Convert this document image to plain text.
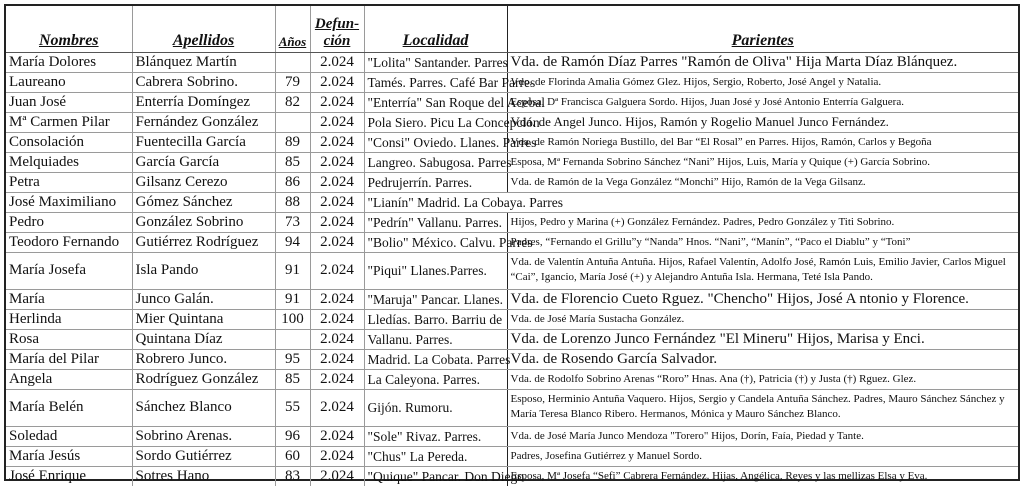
Nombres	Apellidos	Años	Defun-
ción	Localidad	Parientes
María Dolores	Blánquez Martín		2.024	"Lolita" Santander. Parres	Vda. de Ramón Díaz Parres "Ramón de Oliva" Hija Marta Díaz Blánquez.
Laureano	Cabrera Sobrino.	79	2.024	Tamés. Parres. Café Bar Parres	Vdo. de Florinda Amalia Gómez Glez. Hijos, Sergio, Roberto, José Angel y Natalia.
Juan José	Enterría Domíngez	82	2.024	"Enterría" San Roque del Acebal	Esposa, Dª Francisca Galguera Sordo. Hijos, Juan José y José Antonio Enterría Galguera.
Mª Carmen Pilar	Fernández González		2.024	Pola Siero. Picu La Concepción	Vda. de Angel Junco. Hijos, Ramón y Rogelio Manuel Junco Fernández.
Consolación	Fuentecilla García	89	2.024	"Consi" Oviedo. Llanes. Parres	Vda. de Ramón Noriega Bustillo, del Bar “El Rosal” en Parres. Hijos, Ramón, Carlos y Begoña
Melquiades	García García	85	2.024	Langreo. Sabugosa. Parres	Esposa, Mª Fernanda Sobrino Sánchez “Nani” Hijos, Luis, María y Quique (+) García Sobrino.
Petra	Gilsanz Cerezo	86	2.024	Pedrujerrín. Parres.	Vda. de Ramón de la Vega González “Monchi” Hijo, Ramón de la Vega Gilsanz.
José Maximiliano	Gómez Sánchez	88	2.024	"Lianín" Madrid. La Cobaya. Parres	
Pedro	González Sobrino	73	2.024	"Pedrín" Vallanu. Parres.	Hijos, Pedro y Marina (+) González Fernández. Padres, Pedro González y Titi Sobrino.
Teodoro Fernando	Gutiérrez Rodríguez	94	2.024	"Bolio" México. Calvu. Parres	Padres, “Fernando el Grillu”y “Nanda” Hnos. “Nani”, “Manín”, “Paco el Diablu” y “Toni”
María Josefa	Isla Pando	91	2.024	"Piqui" Llanes.Parres.	Vda. de Valentín Antuña Antuña. Hijos, Rafael Valentín, Adolfo José, Ramón Luis, Emilio Javier, Carlos Miguel “Cai”, Igancio, María José (+) y Alejandro Antuña Isla. Hermana, Teté Isla Pando.
María	Junco Galán.	91	2.024	"Maruja" Pancar. Llanes.	Vda. de Florencio Cueto Rguez. "Chencho" Hijos, José A ntonio y Florence.
Herlinda	Mier Quintana	100	2.024	Lledías. Barro. Barriu de	Vda. de José María Sustacha González.
Rosa	Quintana Díaz		2.024	Vallanu. Parres.	Vda. de Lorenzo Junco Fernández "El Mineru" Hijos, Marisa y Enci.
María del Pilar	Robrero Junco.	95	2.024	Madrid. La Cobata. Parres	Vda. de Rosendo García Salvador.
Angela	Rodríguez González	85	2.024	La Caleyona. Parres.	Vda. de Rodolfo Sobrino Arenas “Roro” Hnas. Ana (†), Patricia (†) y Justa (†) Rguez. Glez.
María Belén	Sánchez Blanco	55	2.024	Gijón. Rumoru.	Esposo, Herminio Antuña Vaquero. Hijos, Sergio y Candela Antuña Sánchez. Padres, Mauro Sánchez Sánchez y María Teresa Blanco Ribero. Hermanos, Mónica y Mauro Sánchez Blanco.
Soledad	Sobrino Arenas.	96	2.024	"Sole" Rivaz. Parres.	Vda. de José María Junco Mendoza "Torero" Hijos, Dorín, Faía, Piedad y Tante.
María Jesús	Sordo Gutiérrez	60	2.024	"Chus" La Pereda.	Padres, Josefina Gutiérrez y Manuel Sordo.
José Enrique	Sotres Hano	83	2.024	"Quique" Pancar. Don Diego	Esposa, Mª Josefa “Sefi” Cabrera Fernández. Hijas, Angélica, Reyes y las mellizas Elsa y Eva.
